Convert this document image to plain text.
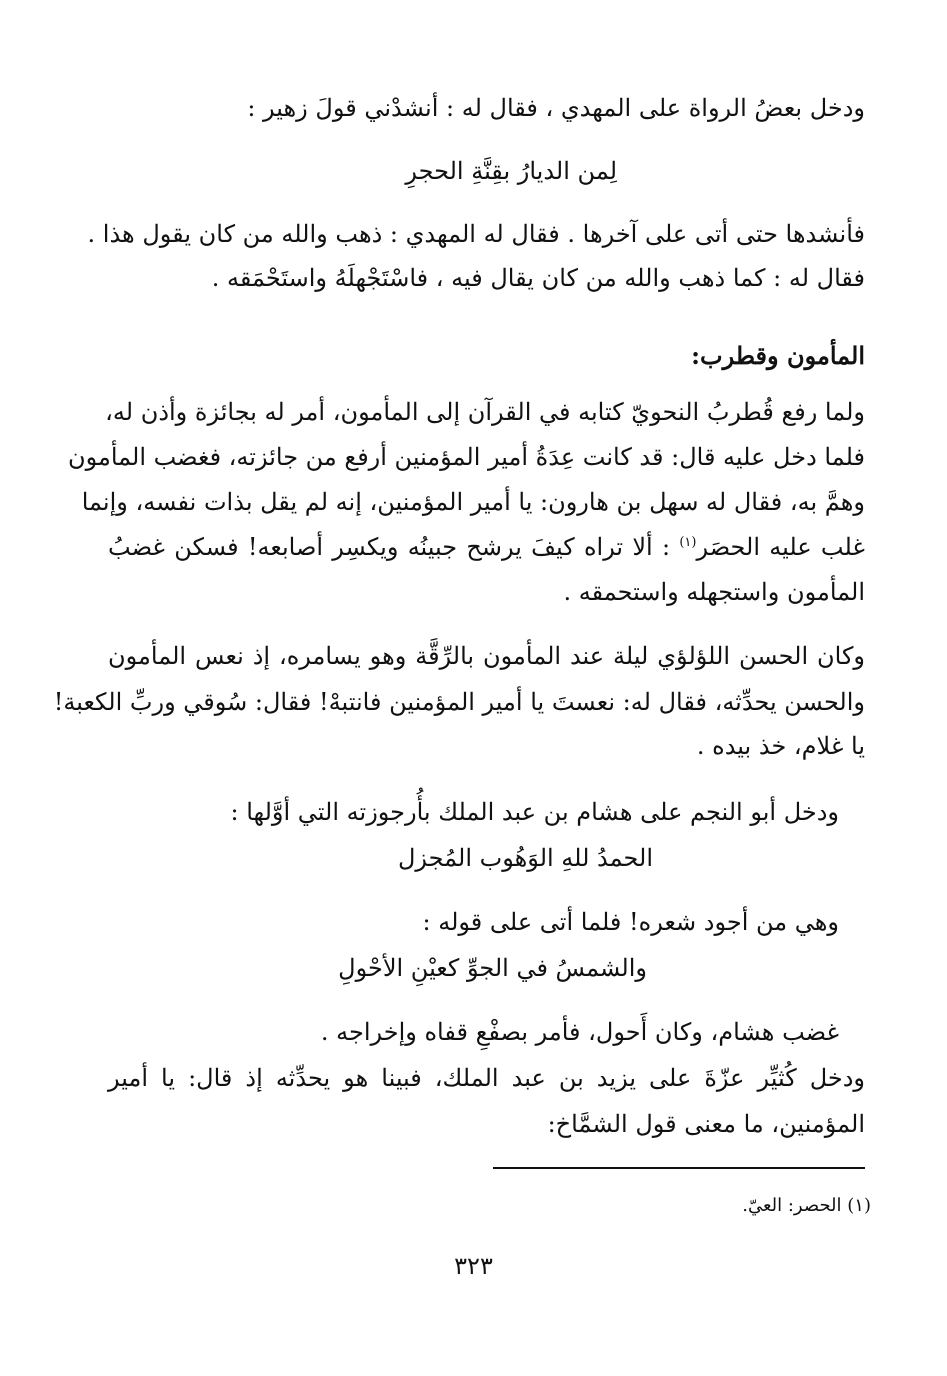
ودخل بعضُ الرواة على المهدي ، فقال له : أنشدْني قولَ زهير :
لِمن الديارُ بقِنَّةِ الحجرِ
فأنشدها حتى أتى على آخرها . فقال له المهدي : ذهب والله من كان يقول هذا .
فقال له : كما ذهب والله من كان يقال فيه ، فاسْتَجْهلَهُ واستَحْمَقه .
المأمون وقطرب:
ولما رفع قُطربُ النحويّ كتابه في القرآن إلى المأمون، أمر له بجائزة وأذن له،
فلما دخل عليه قال: قد كانت عِدَةُ أمير المؤمنين أرفع من جائزته، فغضب المأمون
وهمَّ به، فقال له سهل بن هارون: يا أمير المؤمنين، إنه لم يقل بذات نفسه، وإنما
غلب عليه الحصَر$^{(١)}$ : ألا تراه كيفَ يرشح جبينُه ويكسِر أصابعه! فسكن غضبُ
المأمون واستجهله واستحمقه .
وكان الحسن اللؤلؤي ليلة عند المأمون بالرِّقَّة وهو يسامره، إذ نعس المأمون
والحسن يحدِّثه، فقال له: نعستَ يا أمير المؤمنين فانتبهْ! فقال: سُوقي وربِّ الكعبة!
يا غلام، خذ بيده .
ودخل أبو النجم على هشام بن عبد الملك بأُرجوزته التي أوَّلها :
الحمدُ للهِ الوَهُوب المُجزل
وهي من أجود شعره! فلما أتى على قوله :
والشمسُ في الجوِّ كعيْنِ الأحْولِ
غضب هشام، وكان أَحول، فأمر بصفْعِ قفاه وإخراجه .
ودخل كُثيِّر عزّةَ على يزيد بن عبد الملك، فبينا هو يحدِّثه إذ قال: يا أمير
المؤمنين، ما معنى قول الشمَّاخ:
(١) الحصر: العيّ.
٣٢٣
